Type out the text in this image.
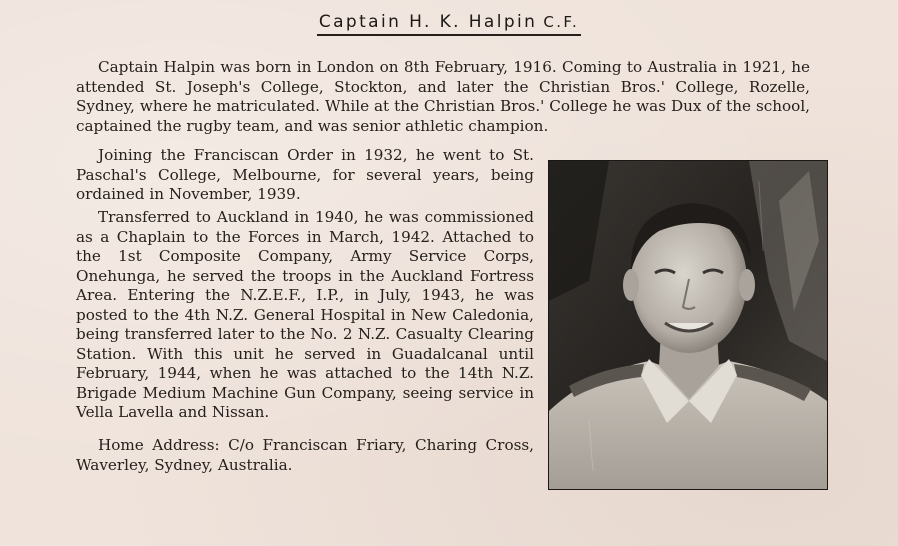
Captain H. K. Halpin C.F.

Captain Halpin was born in London on 8th February, 1916. Coming to Australia in 1921, he attended St. Joseph's College, Stockton, and later the Christian Bros.' College, Rozelle, Sydney, where he matriculated. While at the Christian Bros.' College he was Dux of the school, captained the rugby team, and was senior athletic champion.

Joining the Franciscan Order in 1932, he went to St. Paschal's College, Melbourne, for several years, being ordained in November, 1939.

Transferred to Auckland in 1940, he was commissioned as a Chaplain to the Forces in March, 1942. Attached to the 1st Composite Company, Army Service Corps, Onehunga, he served the troops in the Auckland Fortress Area. Entering the N.Z.E.F., I.P., in July, 1943, he was posted to the 4th N.Z. General Hospital in New Caledonia, being transferred later to the No. 2 N.Z. Casualty Clearing Station. With this unit he served in Guadalcanal until February, 1944, when he was attached to the 14th N.Z. Brigade Medium Machine Gun Company, seeing service in Vella Lavella and Nissan.

Home Address: C/o Franciscan Friary, Charing Cross, Waverley, Sydney, Australia.
